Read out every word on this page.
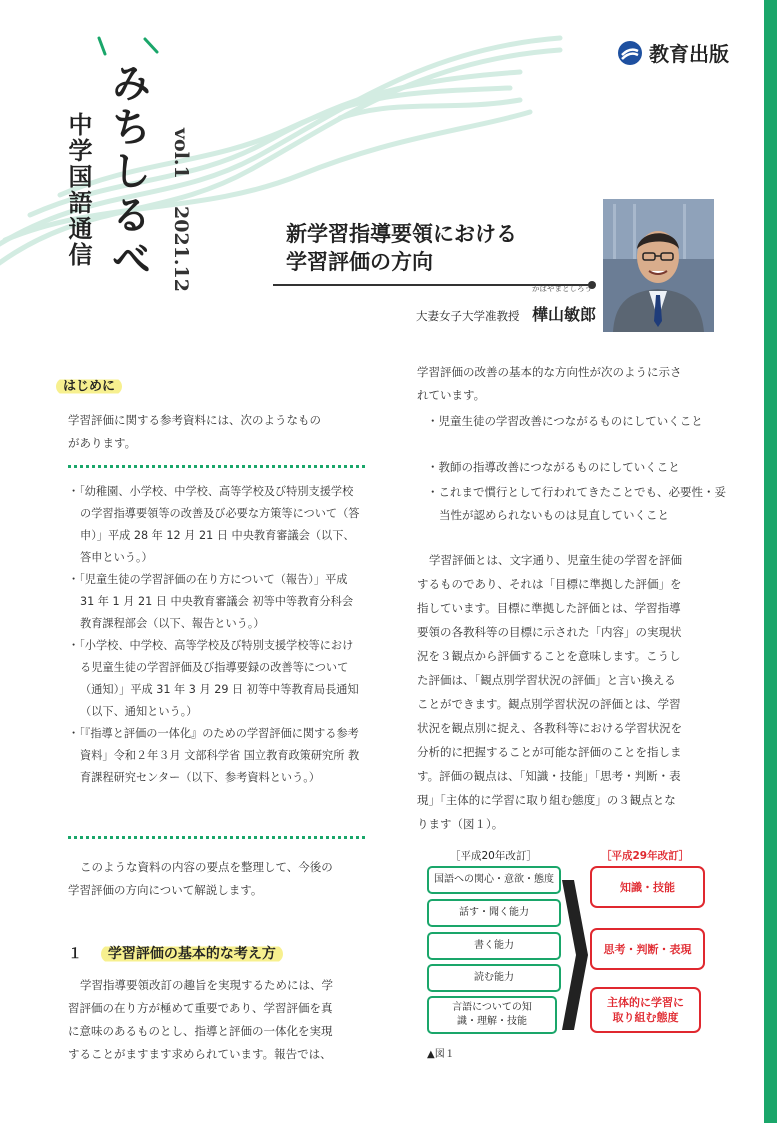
教育出版
みちしるべ
中学国語通信	vol.1  2021.12	新学習指導要領における
学習評価の方向
大妻女子大学准教授
かばやまとしろう
樺山敏郎
はじめに
学習評価に関する参考資料には、次のようなもの
があります。
・「幼稚園、小学校、中学校、高等学校及び特別支援学校の学習指導要領等の改善及び必要な方策等について（答申）」平成 28 年 12 月 21 日 中央教育審議会（以下、答申という。）
・「児童生徒の学習評価の在り方について（報告）」平成 31 年 1 月 21 日 中央教育審議会 初等中等教育分科会 教育課程部会（以下、報告という。）
・「小学校、中学校、高等学校及び特別支援学校等における児童生徒の学習評価及び指導要録の改善等について（通知）」平成 31 年 3 月 29 日 初等中等教育局長通知（以下、通知という。）
・「『指導と評価の一体化』のための学習評価に関する参考資料」令和２年３月 文部科学省 国立教育政策研究所 教育課程研究センター（以下、参考資料という。）
このような資料の内容の要点を整理して、今後の
学習評価の方向について解説します。
１ 学習評価の基本的な考え方
学習指導要領改訂の趣旨を実現するためには、学
習評価の在り方が極めて重要であり、学習評価を真
に意味のあるものとし、指導と評価の一体化を実現
することがますます求められています。報告では、
学習評価の改善の基本的な方向性が次のように示さ
れています。
・児童生徒の学習改善につながるものにしていくこと
・教師の指導改善につながるものにしていくこと
・これまで慣行として行われてきたことでも、必要性・妥当性が認められないものは見直していくこと
学習評価とは、文字通り、児童生徒の学習を評価
するものであり、それは「目標に準拠した評価」を
指しています。目標に準拠した評価とは、学習指導
要領の各教科等の目標に示された「内容」の実現状
況を３観点から評価することを意味します。こうし
た評価は、「観点別学習状況の評価」と言い換える
ことができます。観点別学習状況の評価とは、学習
状況を観点別に捉え、各教科等における学習状況を
分析的に把握することが可能な評価のことを指しま
す。評価の観点は、「知識・技能」「思考・判断・表
現」「主体的に学習に取り組む態度」の３観点とな
ります（図１）。
［平成20年改訂］	［平成29年改訂］
国語への関心・意欲・態度
話す・聞く能力
書く能力
読む能力
言語についての知識・理解・技能
知識・技能
思考・判断・表現
主体的に学習に取り組む態度
▲図１
